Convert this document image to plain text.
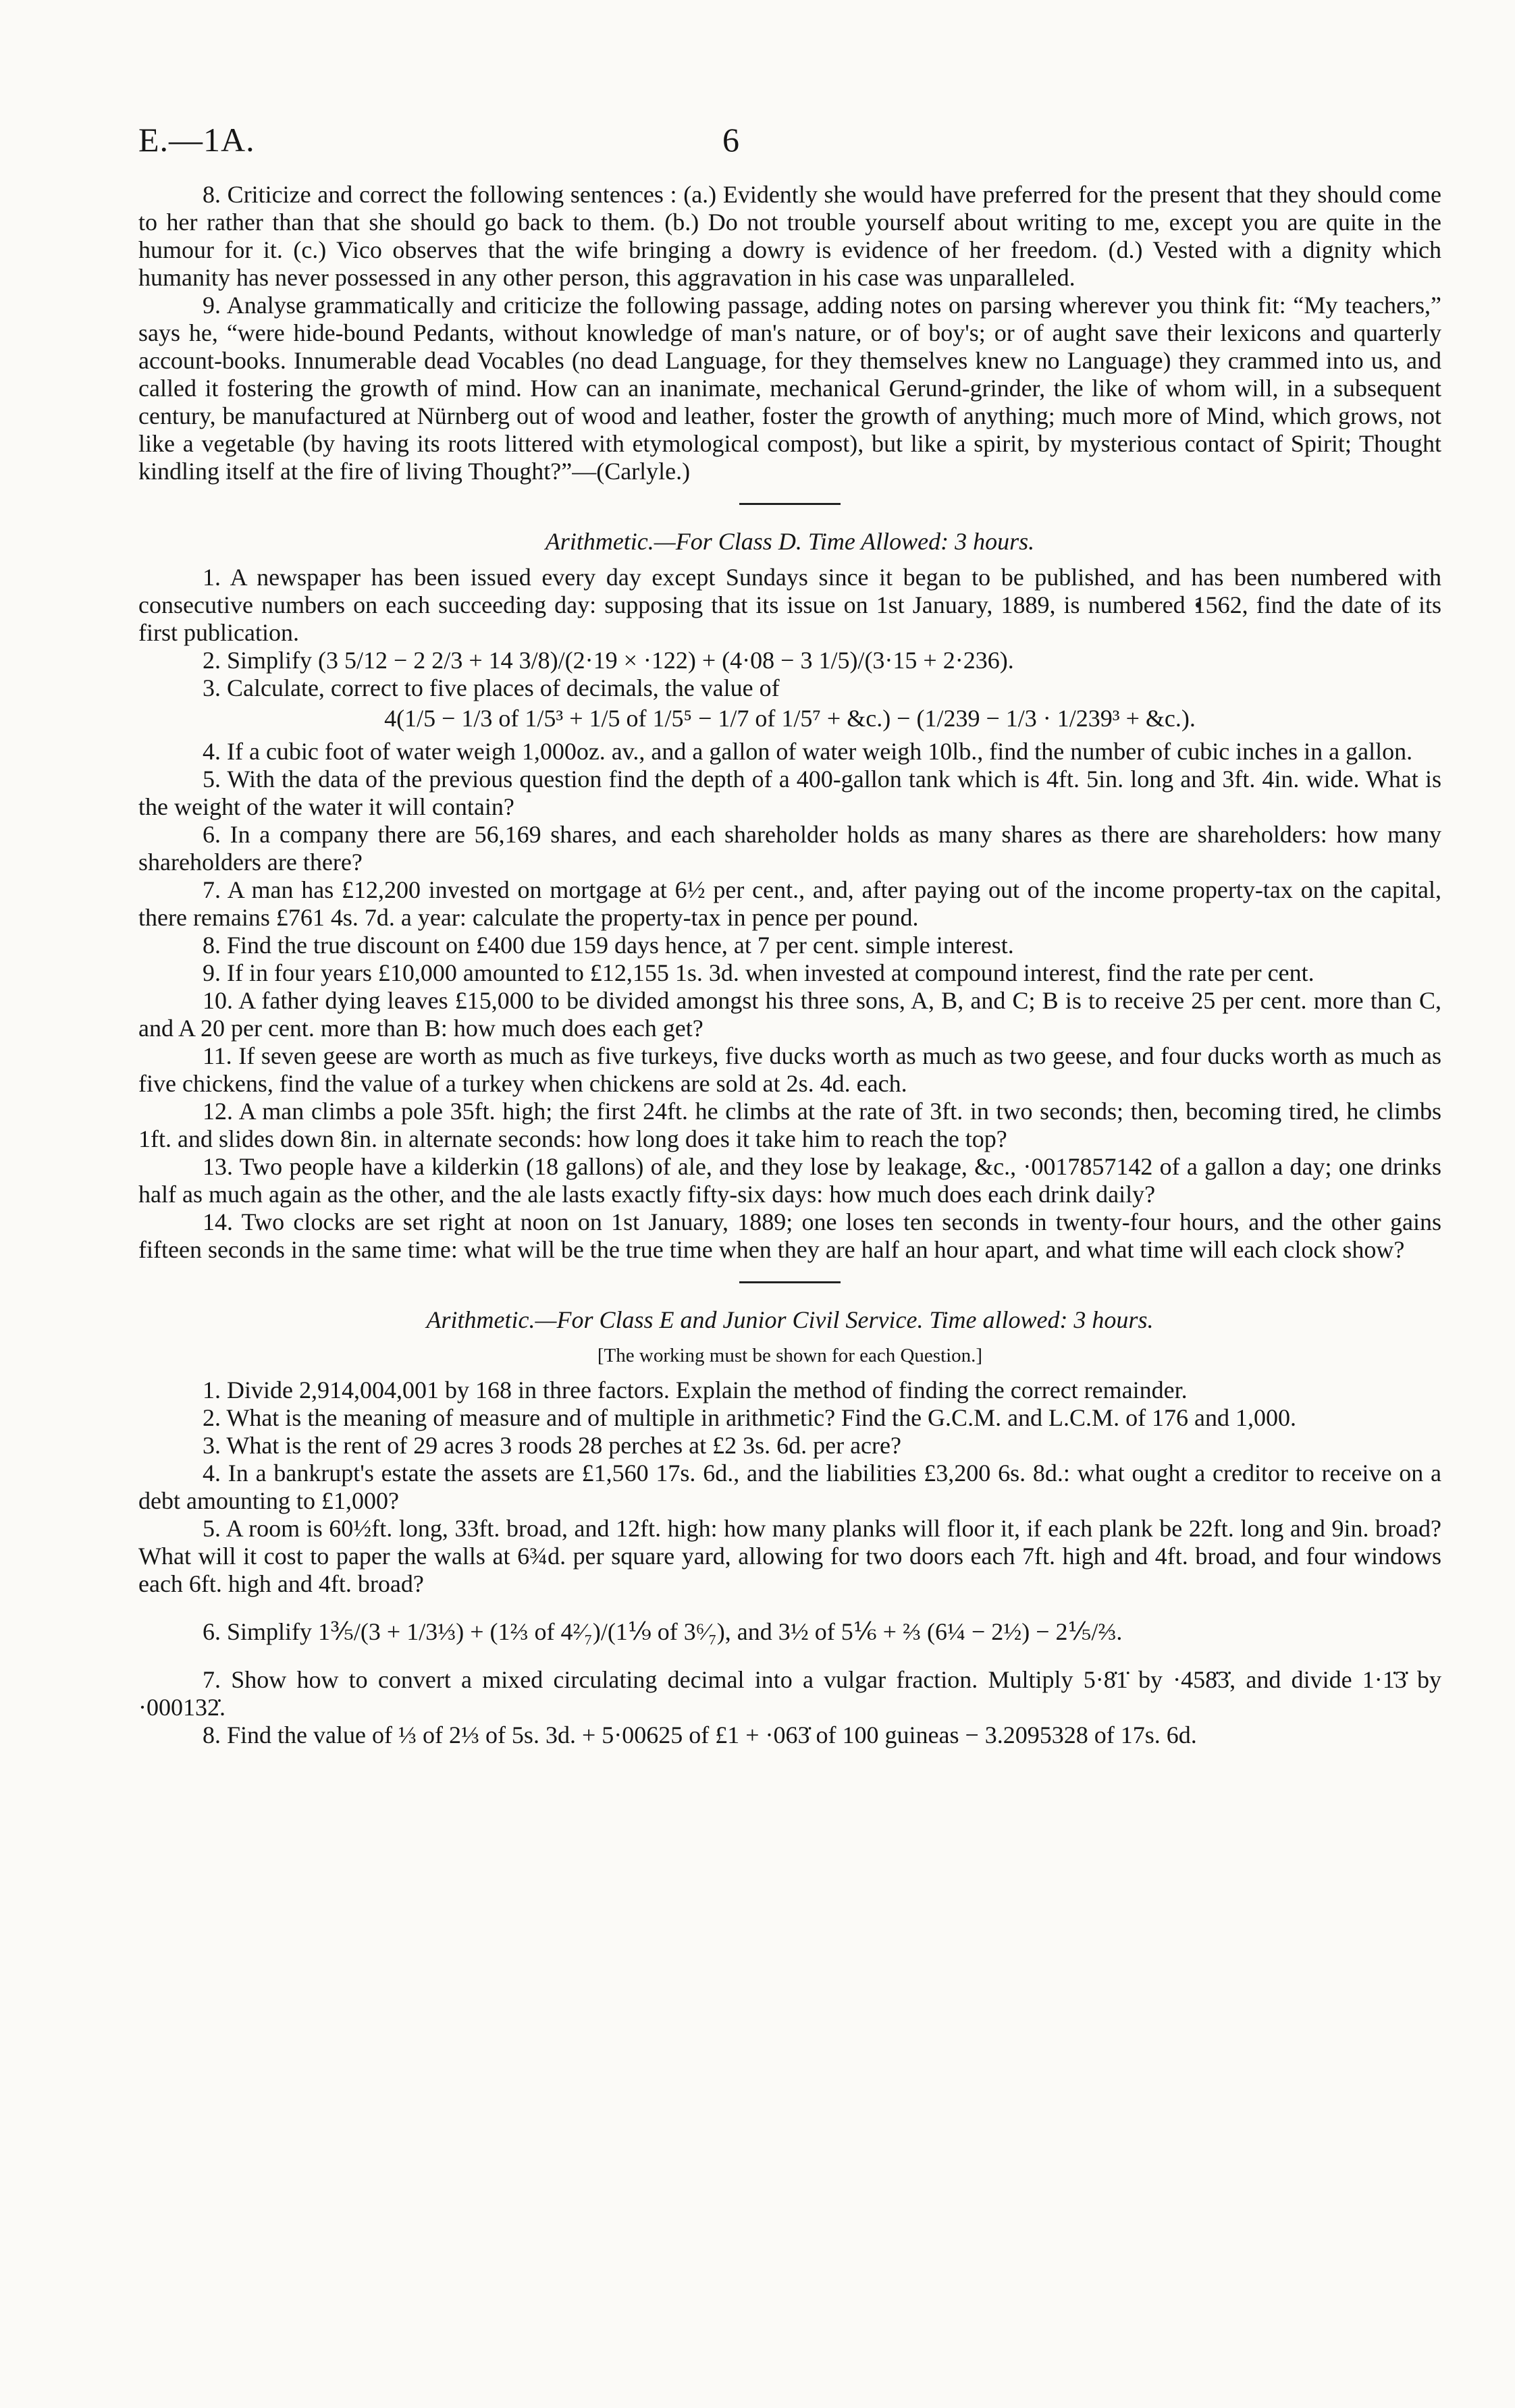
E.—1A.	6

8. Criticize and correct the following sentences : (a.) Evidently she would have preferred for the present that they should come to her rather than that she should go back to them. (b.) Do not trouble yourself about writing to me, except you are quite in the humour for it. (c.) Vico observes that the wife bringing a dowry is evidence of her freedom. (d.) Vested with a dignity which humanity has never possessed in any other person, this aggravation in his case was unparalleled.

9. Analyse grammatically and criticize the following passage, adding notes on parsing wherever you think fit: “My teachers,” says he, “were hide-bound Pedants, without knowledge of man's nature, or of boy's; or of aught save their lexicons and quarterly account-books. Innumerable dead Vocables (no dead Language, for they themselves knew no Language) they crammed into us, and called it fostering the growth of mind. How can an inanimate, mechanical Gerund-grinder, the like of whom will, in a subsequent century, be manufactured at Nürnberg out of wood and leather, foster the growth of anything; much more of Mind, which grows, not like a vegetable (by having its roots littered with etymological compost), but like a spirit, by mysterious contact of Spirit; Thought kindling itself at the fire of living Thought?”—(Carlyle.)

Arithmetic.—For Class D. Time Allowed: 3 hours.

1. A newspaper has been issued every day except Sundays since it began to be published, and has been numbered with consecutive numbers on each succeeding day: supposing that its issue on 1st January, 1889, is numbered 1562, find the date of its first publication.

2. Simplify (3 5/12 − 2 2/3 + 14 3/8)/(2·19 × ·122) + (4·08 − 3 1/5)/(3·15 + 2·236).

3. Calculate, correct to five places of decimals, the value of

4(1/5 − 1/3 of 1/5³ + 1/5 of 1/5⁵ − 1/7 of 1/5⁷ + &c.) − (1/239 − 1/3 · 1/239³ + &c.).

4. If a cubic foot of water weigh 1,000oz. av., and a gallon of water weigh 10lb., find the number of cubic inches in a gallon.

5. With the data of the previous question find the depth of a 400-gallon tank which is 4ft. 5in. long and 3ft. 4in. wide. What is the weight of the water it will contain?

6. In a company there are 56,169 shares, and each shareholder holds as many shares as there are shareholders: how many shareholders are there?

7. A man has £12,200 invested on mortgage at 6½ per cent., and, after paying out of the income property-tax on the capital, there remains £761 4s. 7d. a year: calculate the property-tax in pence per pound.

8. Find the true discount on £400 due 159 days hence, at 7 per cent. simple interest.

9. If in four years £10,000 amounted to £12,155 1s. 3d. when invested at compound interest, find the rate per cent.

10. A father dying leaves £15,000 to be divided amongst his three sons, A, B, and C; B is to receive 25 per cent. more than C, and A 20 per cent. more than B: how much does each get?

11. If seven geese are worth as much as five turkeys, five ducks worth as much as two geese, and four ducks worth as much as five chickens, find the value of a turkey when chickens are sold at 2s. 4d. each.

12. A man climbs a pole 35ft. high; the first 24ft. he climbs at the rate of 3ft. in two seconds; then, becoming tired, he climbs 1ft. and slides down 8in. in alternate seconds: how long does it take him to reach the top?

13. Two people have a kilderkin (18 gallons) of ale, and they lose by leakage, &c., ·0017857142 of a gallon a day; one drinks half as much again as the other, and the ale lasts exactly fifty-six days: how much does each drink daily?

14. Two clocks are set right at noon on 1st January, 1889; one loses ten seconds in twenty-four hours, and the other gains fifteen seconds in the same time: what will be the true time when they are half an hour apart, and what time will each clock show?

Arithmetic.—For Class E and Junior Civil Service. Time allowed: 3 hours.

[The working must be shown for each Question.]

1. Divide 2,914,004,001 by 168 in three factors. Explain the method of finding the correct remainder.

2. What is the meaning of measure and of multiple in arithmetic? Find the G.C.M. and L.C.M. of 176 and 1,000.

3. What is the rent of 29 acres 3 roods 28 perches at £2 3s. 6d. per acre?

4. In a bankrupt's estate the assets are £1,560 17s. 6d., and the liabilities £3,200 6s. 8d.: what ought a creditor to receive on a debt amounting to £1,000?

5. A room is 60½ft. long, 33ft. broad, and 12ft. high: how many planks will floor it, if each plank be 22ft. long and 9in. broad? What will it cost to paper the walls at 6¾d. per square yard, allowing for two doors each 7ft. high and 4ft. broad, and four windows each 6ft. high and 4ft. broad?

6. Simplify 1⅗/(3 + 1/3⅓) + (1⅔ of 4²⁄₇)/(1⅑ of 3⁶⁄₇), and 3½ of 5⅙ + ⅔ (6¼ − 2½) − 2⅕/⅔.

7. Show how to convert a mixed circulating decimal into a vulgar fraction. Multiply 5·8̇1̇ by ·458̇3̇, and divide 1·1̇3̇ by ·000132̇.

8. Find the value of ⅓ of 2⅓ of 5s. 3d. + 5·00625 of £1 + ·063̇ of 100 guineas − 3.2095328 of 17s. 6d.
